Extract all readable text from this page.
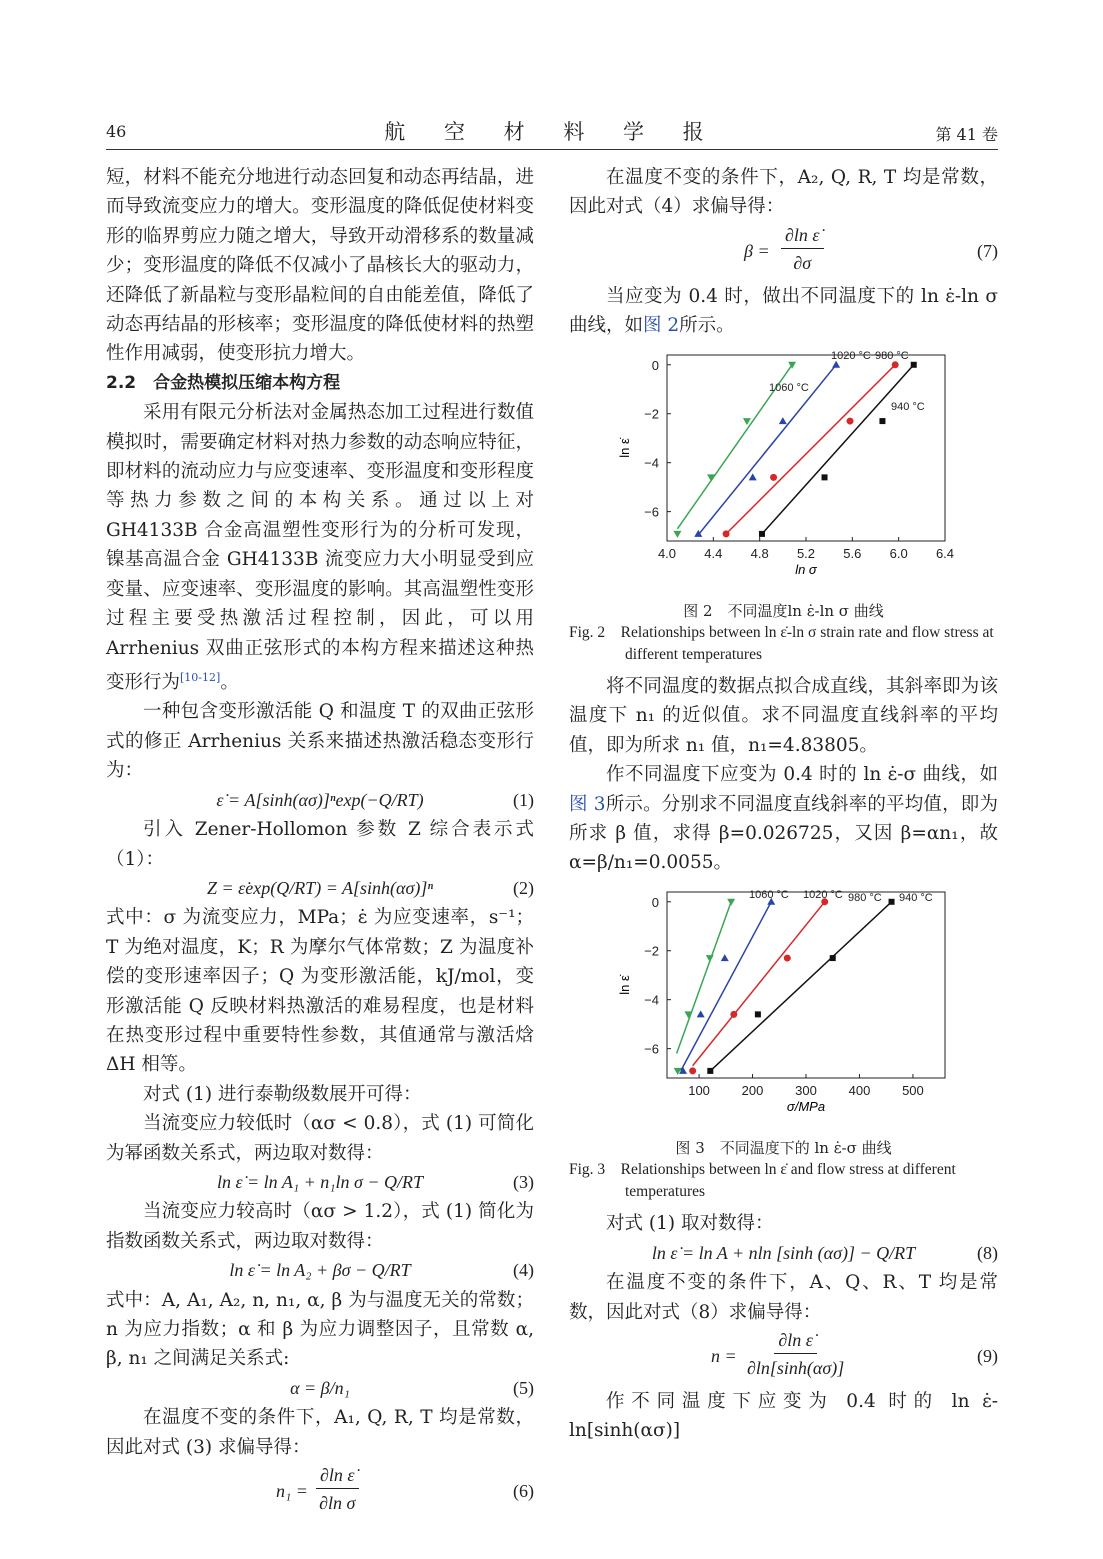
46	航 空 材 料 学 报	第 41 卷

短，材料不能充分地进行动态回复和动态再结晶，进而导致流变应力的增大。变形温度的降低促使材料变形的临界剪应力随之增大，导致开动滑移系的数量减少；变形温度的降低不仅减小了晶核长大的驱动力，还降低了新晶粒与变形晶粒间的自由能差值，降低了动态再结晶的形核率；变形温度的降低使材料的热塑性作用减弱，使变形抗力增大。

2.2　合金热模拟压缩本构方程

采用有限元分析法对金属热态加工过程进行数值模拟时，需要确定材料对热力参数的动态响应特征，即材料的流动应力与应变速率、变形温度和变形程度等热力参数之间的本构关系。通过以上对 GH4133B 合金高温塑性变形行为的分析可发现，镍基高温合金 GH4133B 流变应力大小明显受到应变量、应变速率、变形温度的影响。其高温塑性变形过程主要受热激活过程控制，因此，可以用 Arrhenius 双曲正弦形式的本构方程来描述这种热变形行为[10-12]。

一种包含变形激活能 Q 和温度 T 的双曲正弦形式的修正 Arrhenius 关系来描述热激活稳态变形行为：

ε̇ = A[sinh(ασ)]ⁿexp(−Q/RT)	(1)

引入 Zener-Hollomon 参数 Z 综合表示式（1）：

Z = ε̇exp(Q/RT) = A[sinh(ασ)]ⁿ	(2)

式中：σ 为流变应力，MPa；ε̇ 为应变速率，s⁻¹；T 为绝对温度，K；R 为摩尔气体常数；Z 为温度补偿的变形速率因子；Q 为变形激活能，kJ/mol，变形激活能 Q 反映材料热激活的难易程度，也是材料在热变形过程中重要特性参数，其值通常与激活焓ΔH 相等。

对式 (1) 进行泰勒级数展开可得：

当流变应力较低时（ασ < 0.8），式 (1) 可简化为幂函数关系式，两边取对数得：

ln ε̇ = ln A₁ + n₁ln σ − Q/RT	(3)

当流变应力较高时（ασ > 1.2），式 (1) 简化为指数函数关系式，两边取对数得：

ln ε̇ = ln A₂ + βσ − Q/RT	(4)

式中：A, A₁, A₂, n, n₁, α, β 为与温度无关的常数；n 为应力指数；α 和 β 为应力调整因子，且常数 α, β, n₁ 之间满足关系式:

α = β/n₁	(5)

在温度不变的条件下，A₁, Q, R, T 均是常数，因此对式 (3) 求偏导得：

$n_1 = \frac{\text{∂ln ε̇}}{\text{∂ln σ}}$	(6)

在温度不变的条件下，A₂, Q, R, T 均是常数，因此对式（4）求偏导得：

$\beta = \frac{\text{∂ln ε̇}}{\partial\sigma}$	(7)

当应变为 0.4 时，做出不同温度下的 ln ε̇-ln σ 曲线，如图 2所示。

4.0 4.4 4.8 5.2 5.6 6.0 6.4
0
−2
−4
−6
ln σ
ln ε̇
1060 °C
1020 °C 980 °C
940 °C
图 2　不同温度ln ε̇-ln σ 曲线
Fig. 2　Relationships between ln ε̇-ln σ strain rate and flow stress at different temperatures

将不同温度的数据点拟合成直线，其斜率即为该温度下 n₁ 的近似值。求不同温度直线斜率的平均值，即为所求 n₁ 值，n₁=4.83805。

作不同温度下应变为 0.4 时的 ln ε̇-σ 曲线，如图 3所示。分别求不同温度直线斜率的平均值，即为所求 β 值，求得 β=0.026725，又因 β=αn₁，故 α=β/n₁=0.0055。

100 200 300 400 500
0
−2
−4
−6
σ/MPa
ln ε̇
1060 °C 1020 °C 980 °C 940 °C
图 3　不同温度下的 ln ε̇-σ 曲线
Fig. 3　Relationships between ln ε̇ and flow stress at different temperatures

对式 (1) 取对数得：

ln ε̇ = ln A + nln [sinh (ασ)] − Q/RT	(8)

在温度不变的条件下，A、Q、R、T 均是常数，因此对式（8）求偏导得：

$n = \frac{\text{∂ln ε̇}}{\partial\ln[\sinh(\alpha\sigma)]}$	(9)

作不同温度下应变为 0.4 时的 ln ε̇-ln[sinh(ασ)]
